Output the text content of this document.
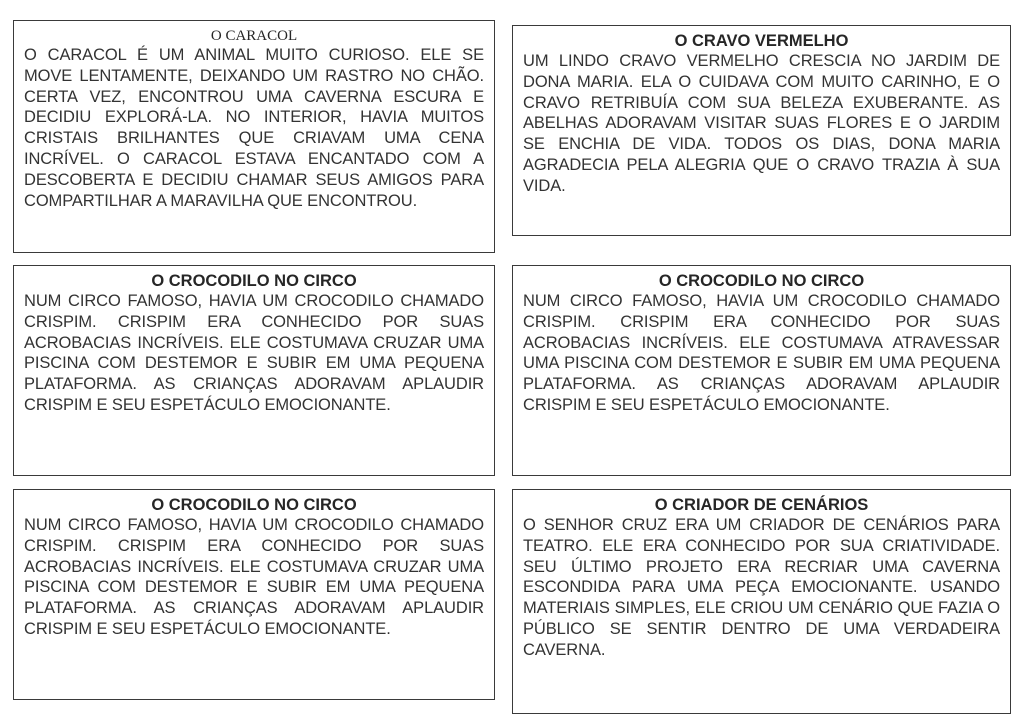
O CARACOL

O CARACOL É UM ANIMAL MUITO CURIOSO. ELE SE MOVE LENTAMENTE, DEIXANDO UM RASTRO NO CHÃO. CERTA VEZ, ENCONTROU UMA CAVERNA ESCURA E DECIDIU EXPLORÁ-LA. NO INTERIOR, HAVIA MUITOS CRISTAIS BRILHANTES QUE CRIAVAM UMA CENA INCRÍVEL. O CARACOL ESTAVA ENCANTADO COM A DESCOBERTA E DECIDIU CHAMAR SEUS AMIGOS PARA COMPARTILHAR A MARAVILHA QUE ENCONTROU.

O CRAVO VERMELHO

UM LINDO CRAVO VERMELHO CRESCIA NO JARDIM DE DONA MARIA. ELA O CUIDAVA COM MUITO CARINHO, E O CRAVO RETRIBUÍA COM SUA BELEZA EXUBERANTE. AS ABELHAS ADORAVAM VISITAR SUAS FLORES E O JARDIM SE ENCHIA DE VIDA. TODOS OS DIAS, DONA MARIA AGRADECIA PELA ALEGRIA QUE O CRAVO TRAZIA À SUA VIDA.

O CROCODILO NO CIRCO

NUM CIRCO FAMOSO, HAVIA UM CROCODILO CHAMADO CRISPIM. CRISPIM ERA CONHECIDO POR SUAS ACROBACIAS INCRÍVEIS. ELE COSTUMAVA CRUZAR UMA PISCINA COM DESTEMOR E SUBIR EM UMA PEQUENA PLATAFORMA. AS CRIANÇAS ADORAVAM APLAUDIR CRISPIM E SEU ESPETÁCULO EMOCIONANTE.

O CROCODILO NO CIRCO

NUM CIRCO FAMOSO, HAVIA UM CROCODILO CHAMADO CRISPIM. CRISPIM ERA CONHECIDO POR SUAS ACROBACIAS INCRÍVEIS. ELE COSTUMAVA ATRAVESSAR UMA PISCINA COM DESTEMOR E SUBIR EM UMA PEQUENA PLATAFORMA. AS CRIANÇAS ADORAVAM APLAUDIR CRISPIM E SEU ESPETÁCULO EMOCIONANTE.

O CROCODILO NO CIRCO

NUM CIRCO FAMOSO, HAVIA UM CROCODILO CHAMADO CRISPIM. CRISPIM ERA CONHECIDO POR SUAS ACROBACIAS INCRÍVEIS. ELE COSTUMAVA CRUZAR UMA PISCINA COM DESTEMOR E SUBIR EM UMA PEQUENA PLATAFORMA. AS CRIANÇAS ADORAVAM APLAUDIR CRISPIM E SEU ESPETÁCULO EMOCIONANTE.

O CRIADOR DE CENÁRIOS

O SENHOR CRUZ ERA UM CRIADOR DE CENÁRIOS PARA TEATRO. ELE ERA CONHECIDO POR SUA CRIATIVIDADE. SEU ÚLTIMO PROJETO ERA RECRIAR UMA CAVERNA ESCONDIDA PARA UMA PEÇA EMOCIONANTE. USANDO MATERIAIS SIMPLES, ELE CRIOU UM CENÁRIO QUE FAZIA O PÚBLICO SE SENTIR DENTRO DE UMA VERDADEIRA CAVERNA.
